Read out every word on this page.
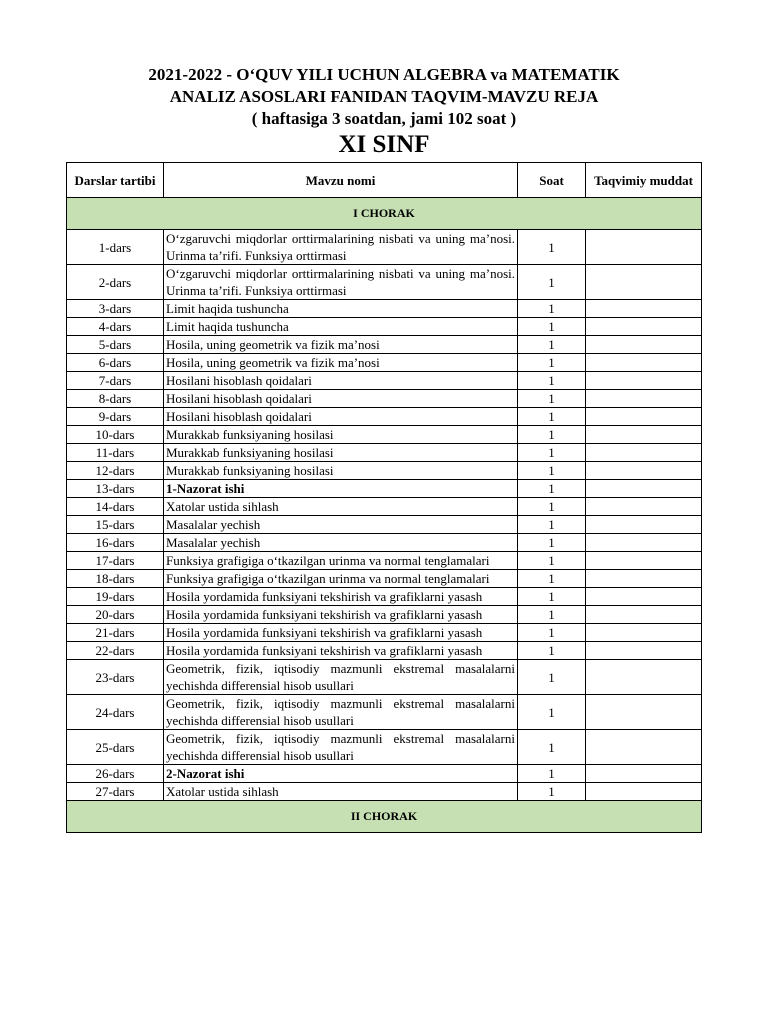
2021-2022 - O‘QUV YILI UCHUN ALGEBRA va MATEMATIK
ANALIZ ASOSLARI FANIDAN TAQVIM-MAVZU REJA
( haftasiga 3 soatdan, jami 102 soat )
XI SINF
Darslar tartibi	Mavzu nomi	Soat	Taqvimiy muddat
I CHORAK			
1-dars	O‘zgaruvchi miqdorlar orttirmalarining nisbati va uning ma’nosi. Urinma ta’rifi. Funksiya orttirmasi	1	
2-dars	O‘zgaruvchi miqdorlar orttirmalarining nisbati va uning ma’nosi. Urinma ta’rifi. Funksiya orttirmasi	1	
3-dars	Limit haqida tushuncha	1	
4-dars	Limit haqida tushuncha	1	
5-dars	Hosila, uning geometrik va fizik ma’nosi	1	
6-dars	Hosila, uning geometrik va fizik ma’nosi	1	
7-dars	Hosilani hisoblash qoidalari	1	
8-dars	Hosilani hisoblash qoidalari	1	
9-dars	Hosilani hisoblash qoidalari	1	
10-dars	Murakkab funksiyaning hosilasi	1	
11-dars	Murakkab funksiyaning hosilasi	1	
12-dars	Murakkab funksiyaning hosilasi	1	
13-dars	1-Nazorat ishi	1	
14-dars	Xatolar ustida sihlash	1	
15-dars	Masalalar yechish	1	
16-dars	Masalalar yechish	1	
17-dars	Funksiya grafigiga o‘tkazilgan urinma va normal tenglamalari	1	
18-dars	Funksiya grafigiga o‘tkazilgan urinma va normal tenglamalari	1	
19-dars	Hosila yordamida funksiyani tekshirish va grafiklarni yasash	1	
20-dars	Hosila yordamida funksiyani tekshirish va grafiklarni yasash	1	
21-dars	Hosila yordamida funksiyani tekshirish va grafiklarni yasash	1	
22-dars	Hosila yordamida funksiyani tekshirish va grafiklarni yasash	1	
23-dars	Geometrik, fizik, iqtisodiy mazmunli ekstremal masalalarni yechishda differensial hisob usullari	1	
24-dars	Geometrik, fizik, iqtisodiy mazmunli ekstremal masalalarni yechishda differensial hisob usullari	1	
25-dars	Geometrik, fizik, iqtisodiy mazmunli ekstremal masalalarni yechishda differensial hisob usullari	1	
26-dars	2-Nazorat ishi	1	
27-dars	Xatolar ustida sihlash	1	
II CHORAK			
